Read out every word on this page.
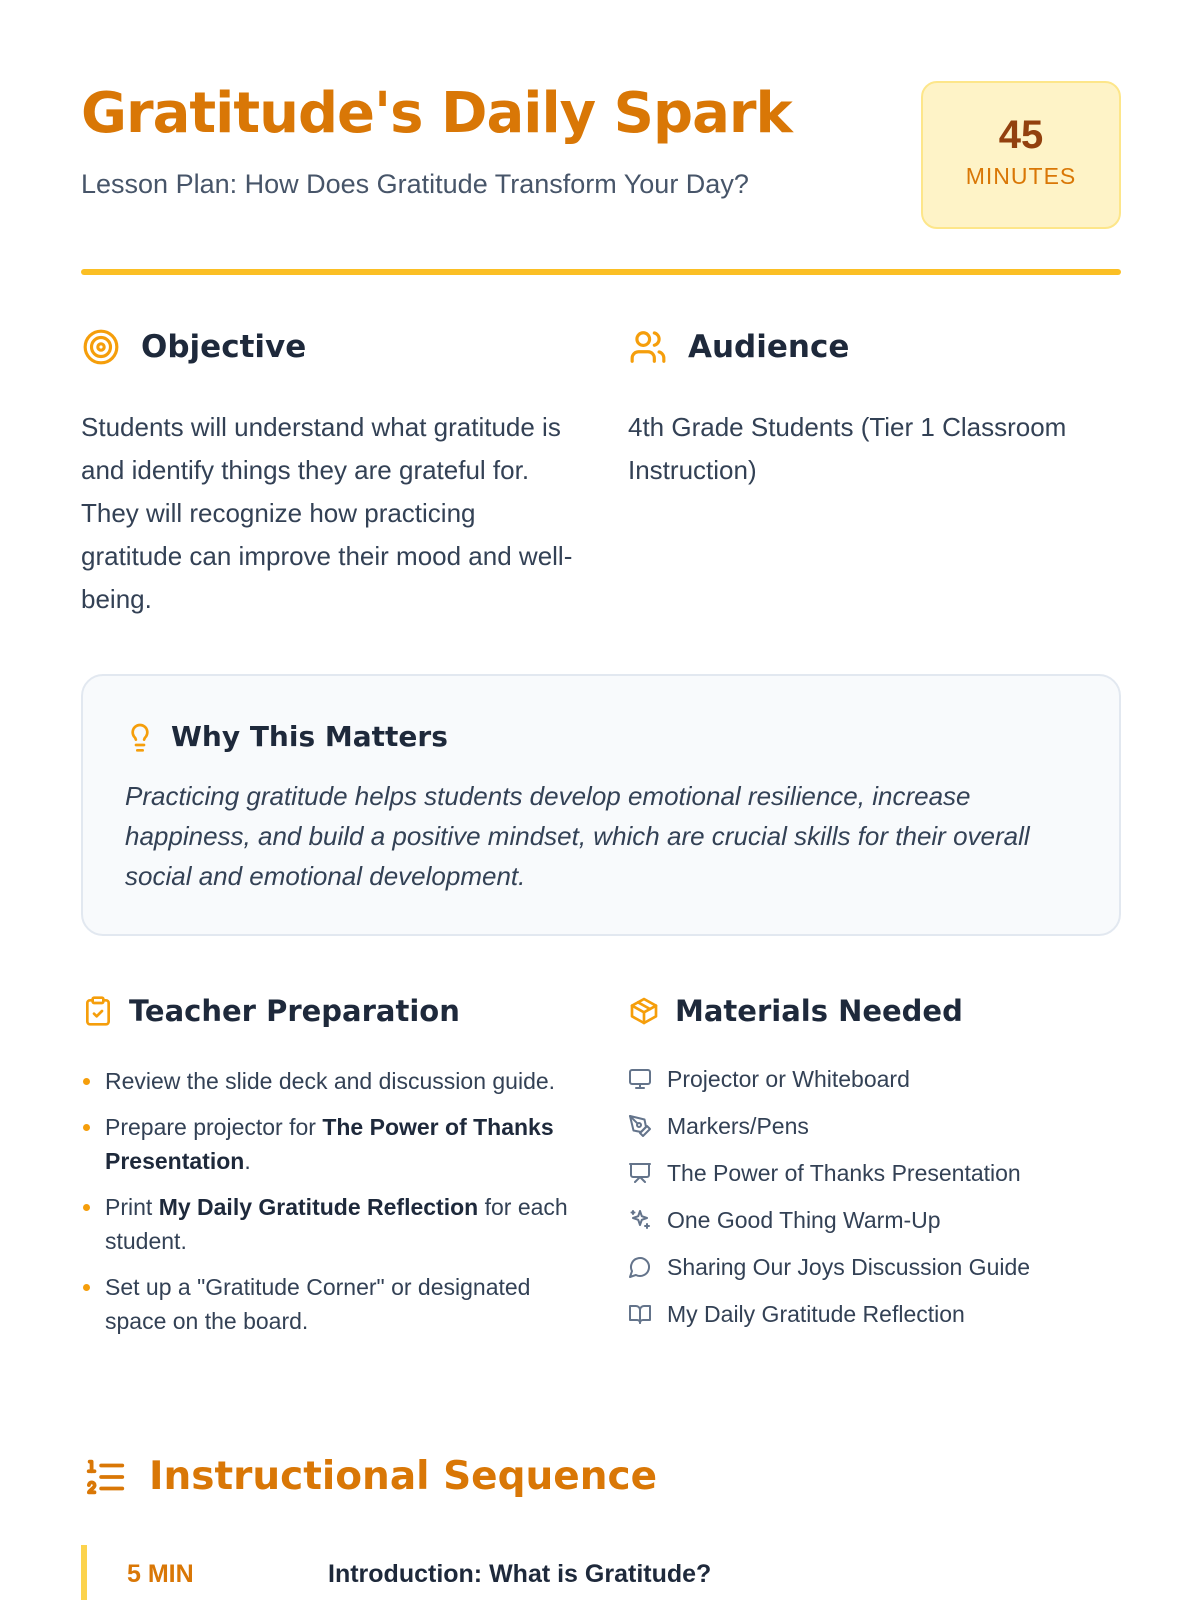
Gratitude's Daily Spark

Lesson Plan: How Does Gratitude Transform Your Day?

45
MINUTES
Objective

Students will understand what gratitude is and identify things they are grateful for. They will recognize how practicing gratitude can improve their mood and well-being.

Audience

4th Grade Students (Tier 1 Classroom Instruction)

Why This Matters

Practicing gratitude helps students develop emotional resilience, increase happiness, and build a positive mindset, which are crucial skills for their overall social and emotional development.

Teacher Preparation
Review the slide deck and discussion guide.
Prepare projector for The Power of Thanks Presentation.
Print My Daily Gratitude Reflection for each student.
Set up a "Gratitude Corner" or designated space on the board.
Materials Needed
Projector or Whiteboard
Markers/Pens
The Power of Thanks Presentation
One Good Thing Warm-Up
Sharing Our Joys Discussion Guide
My Daily Gratitude Reflection
Instructional Sequence
5 MIN	Introduction: What is Gratitude?
